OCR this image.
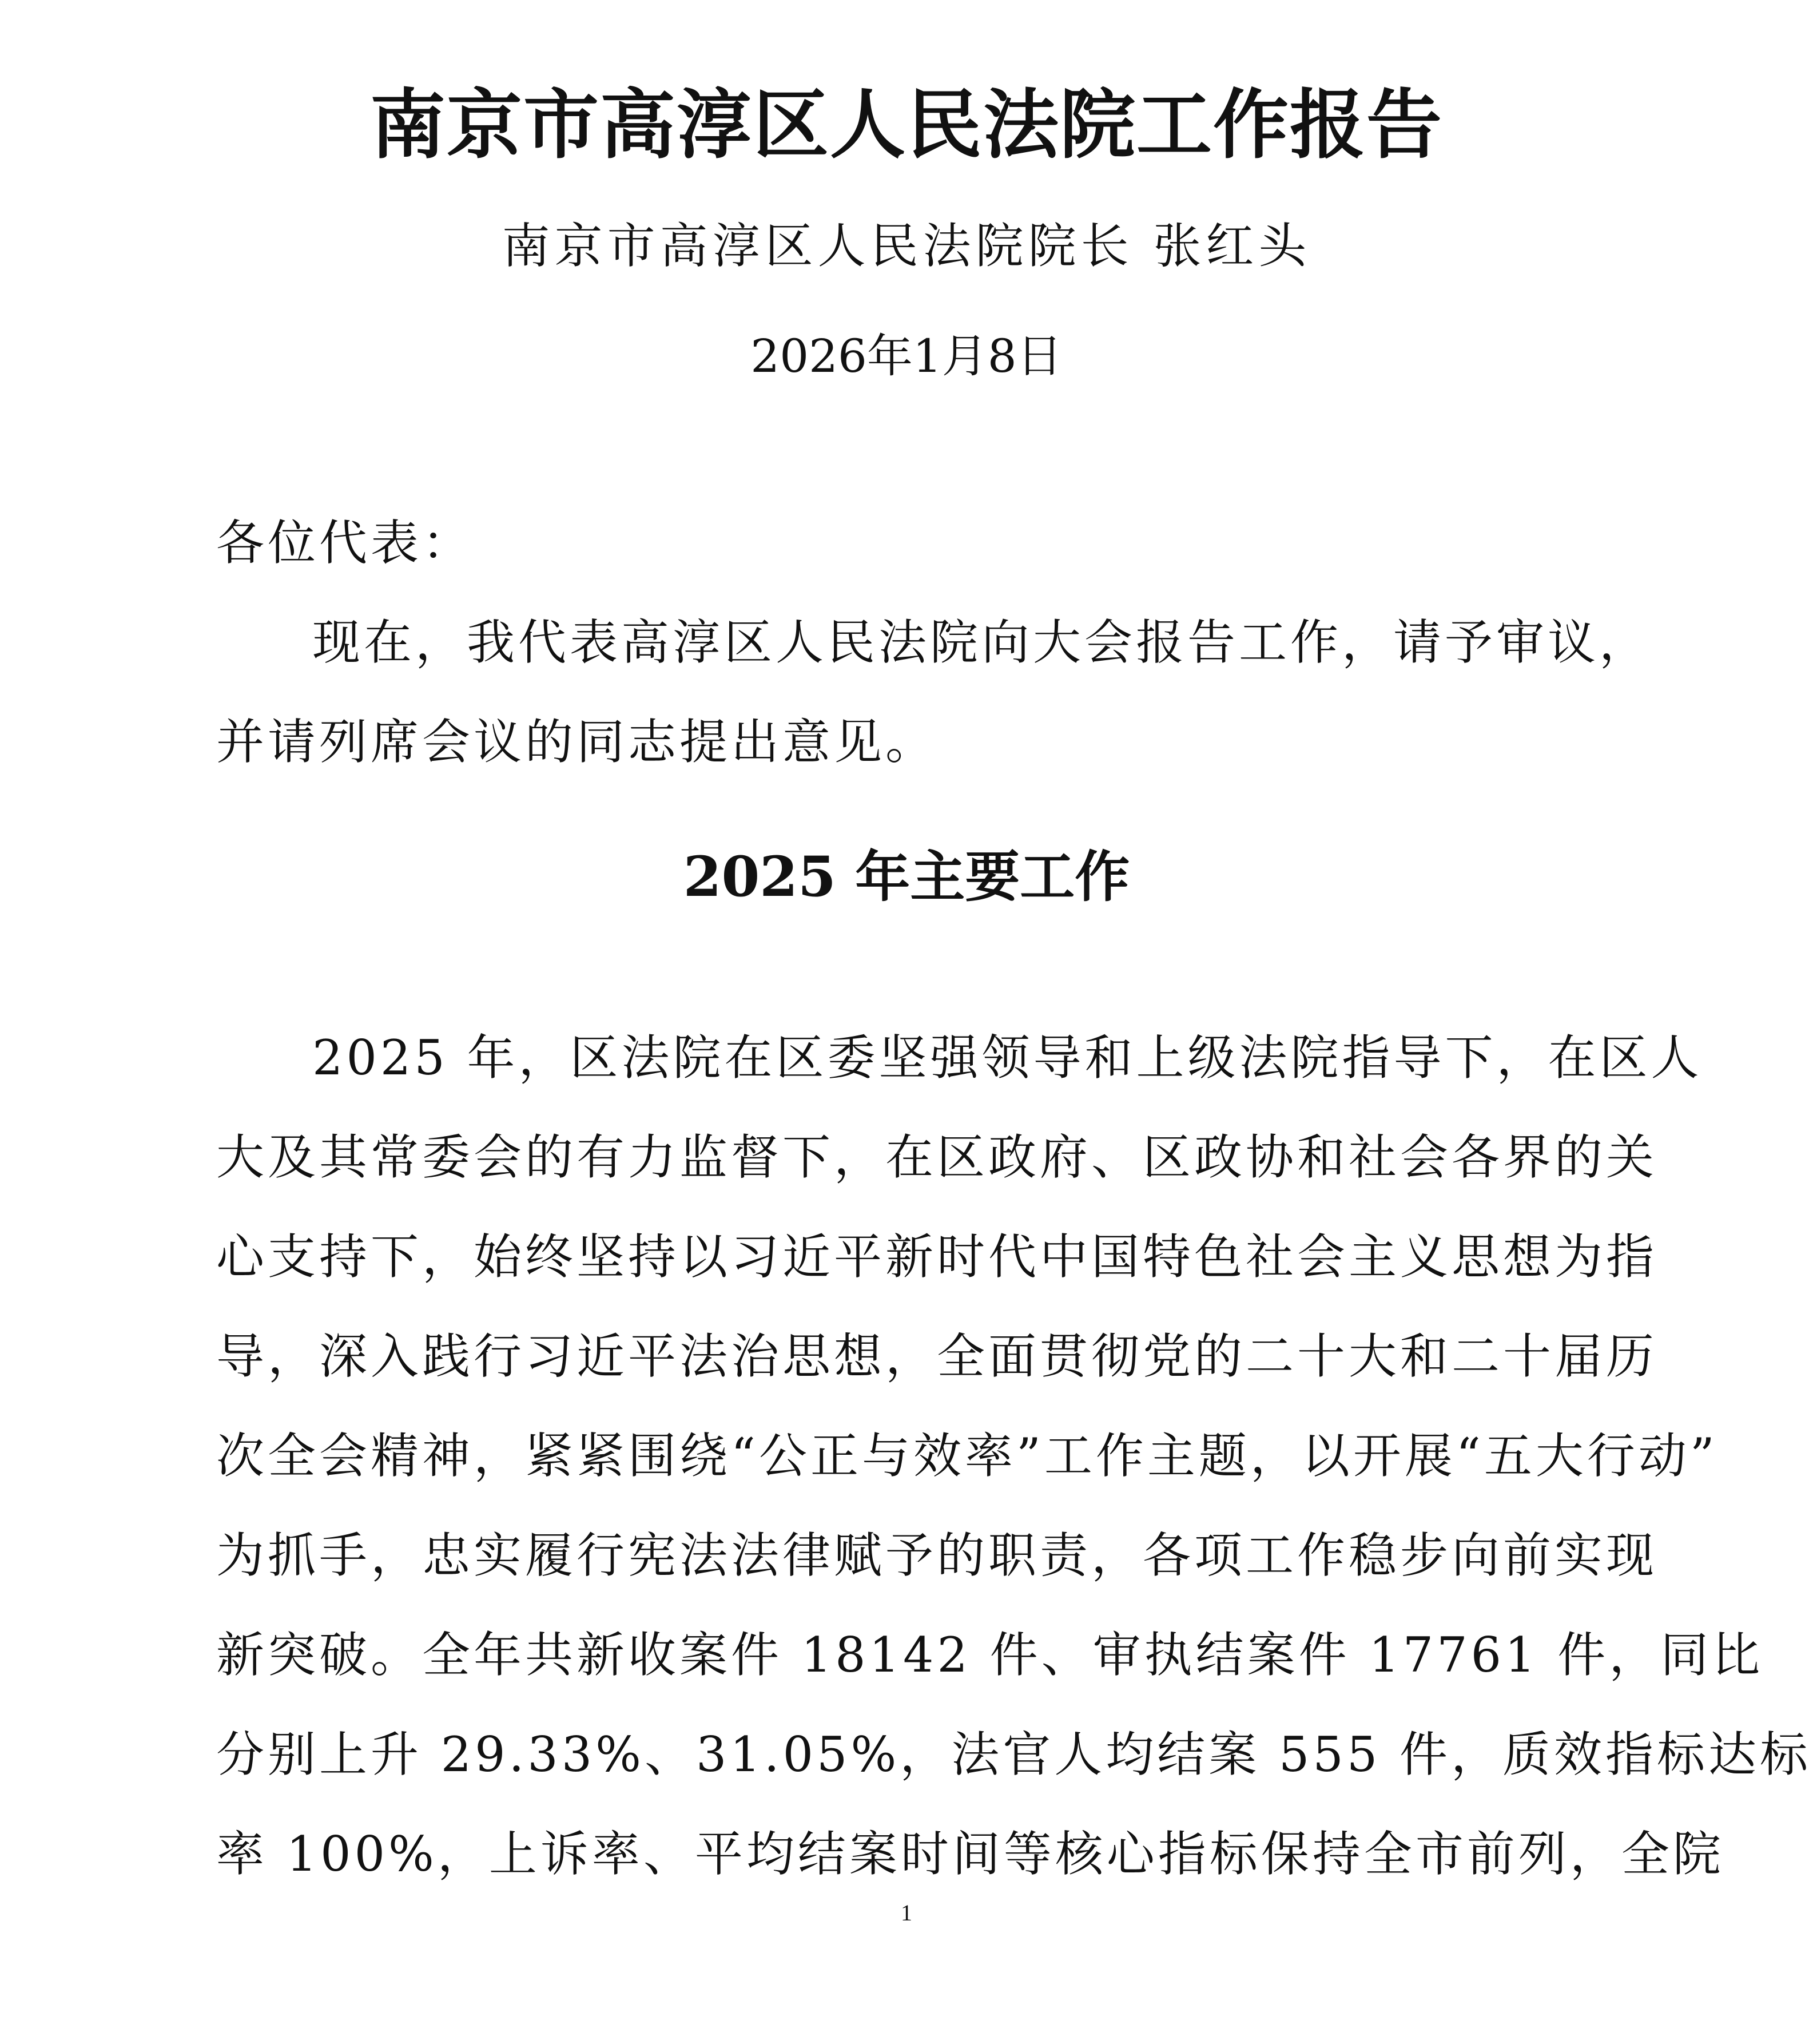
南京市高淳区人民法院工作报告
南京市高淳区人民法院院长 张红头
2026年1月8日
各位代表：
现在，我代表高淳区人民法院向大会报告工作，请予审议，
并请列席会议的同志提出意见。
2025 年主要工作
2025 年，区法院在区委坚强领导和上级法院指导下，在区人
大及其常委会的有力监督下，在区政府、区政协和社会各界的关
心支持下，始终坚持以习近平新时代中国特色社会主义思想为指
导，深入践行习近平法治思想，全面贯彻党的二十大和二十届历
次全会精神，紧紧围绕“公正与效率”工作主题，以开展“五大行动”
为抓手，忠实履行宪法法律赋予的职责，各项工作稳步向前实现
新突破。全年共新收案件 18142 件、审执结案件 17761 件，同比
分别上升 29.33%、31.05%，法官人均结案 555 件，质效指标达标
率 100%，上诉率、平均结案时间等核心指标保持全市前列，全院
1
